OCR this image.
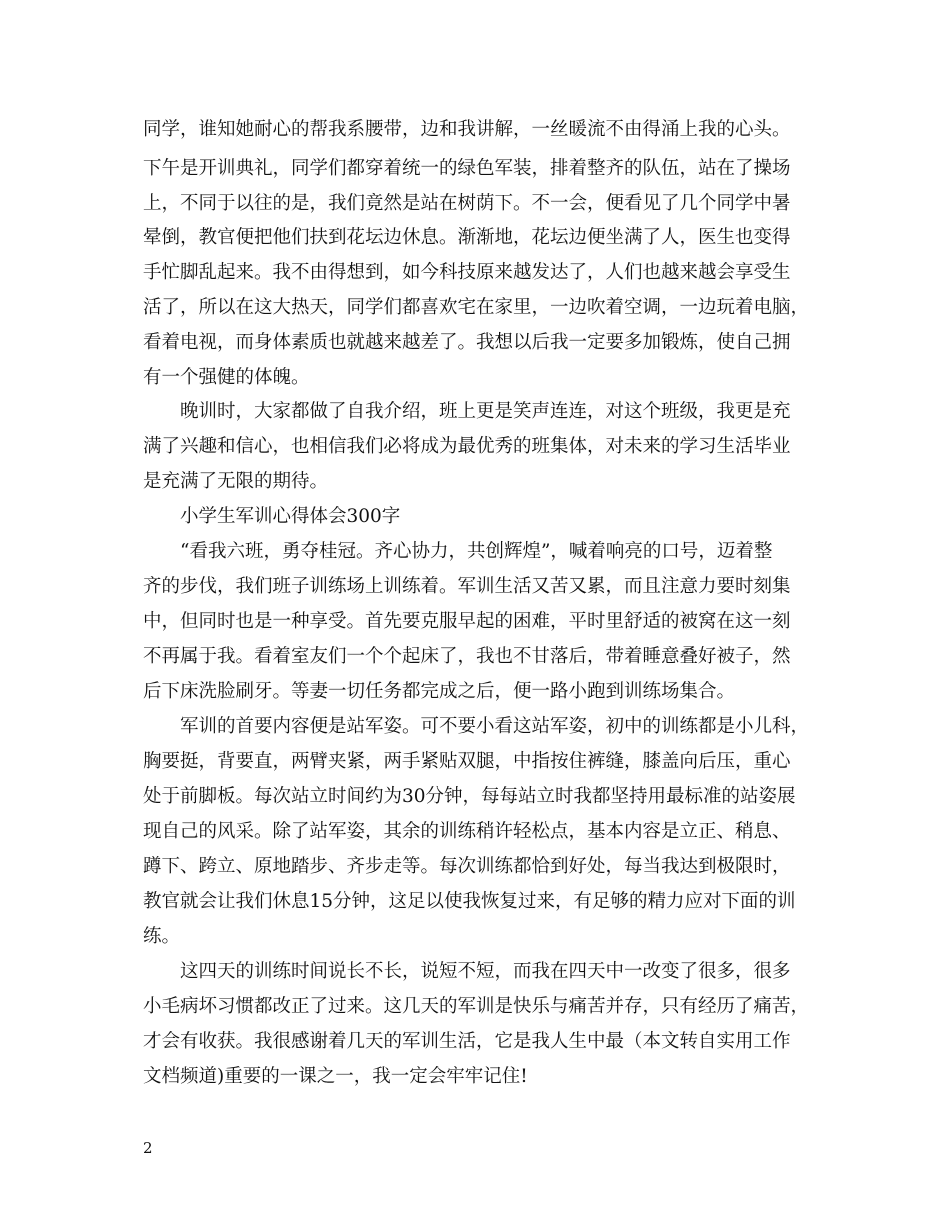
同学，谁知她耐心的帮我系腰带，边和我讲解，一丝暖流不由得涌上我的心头。
下午是开训典礼，同学们都穿着统一的绿色军装，排着整齐的队伍，站在了操场
上，不同于以往的是，我们竟然是站在树荫下。不一会，便看见了几个同学中暑
晕倒，教官便把他们扶到花坛边休息。渐渐地，花坛边便坐满了人，医生也变得
手忙脚乱起来。我不由得想到，如今科技原来越发达了，人们也越来越会享受生
活了，所以在这大热天，同学们都喜欢宅在家里，一边吹着空调，一边玩着电脑，
看着电视，而身体素质也就越来越差了。我想以后我一定要多加锻炼，使自己拥
有一个强健的体魄。
晚训时，大家都做了自我介绍，班上更是笑声连连，对这个班级，我更是充
满了兴趣和信心，也相信我们必将成为最优秀的班集体，对未来的学习生活毕业
是充满了无限的期待。
小学生军训心得体会300字
“看我六班，勇夺桂冠。齐心协力，共创辉煌”，喊着响亮的口号，迈着整
齐的步伐，我们班子训练场上训练着。军训生活又苦又累，而且注意力要时刻集
中，但同时也是一种享受。首先要克服早起的困难，平时里舒适的被窝在这一刻
不再属于我。看着室友们一个个起床了，我也不甘落后，带着睡意叠好被子，然
后下床洗脸刷牙。等妻一切任务都完成之后，便一路小跑到训练场集合。
军训的首要内容便是站军姿。可不要小看这站军姿，初中的训练都是小儿科，
胸要挺，背要直，两臂夹紧，两手紧贴双腿，中指按住裤缝，膝盖向后压，重心
处于前脚板。每次站立时间约为30分钟，每每站立时我都坚持用最标准的站姿展
现自己的风采。除了站军姿，其余的训练稍许轻松点，基本内容是立正、稍息、
蹲下、跨立、原地踏步、齐步走等。每次训练都恰到好处，每当我达到极限时，
教官就会让我们休息15分钟，这足以使我恢复过来，有足够的精力应对下面的训
练。
这四天的训练时间说长不长，说短不短，而我在四天中一改变了很多，很多
小毛病坏习惯都改正了过来。这几天的军训是快乐与痛苦并存，只有经历了痛苦，
才会有收获。我很感谢着几天的军训生活，它是我人生中最（本文转自实用工作
文档频道)重要的一课之一，我一定会牢牢记住!
2
